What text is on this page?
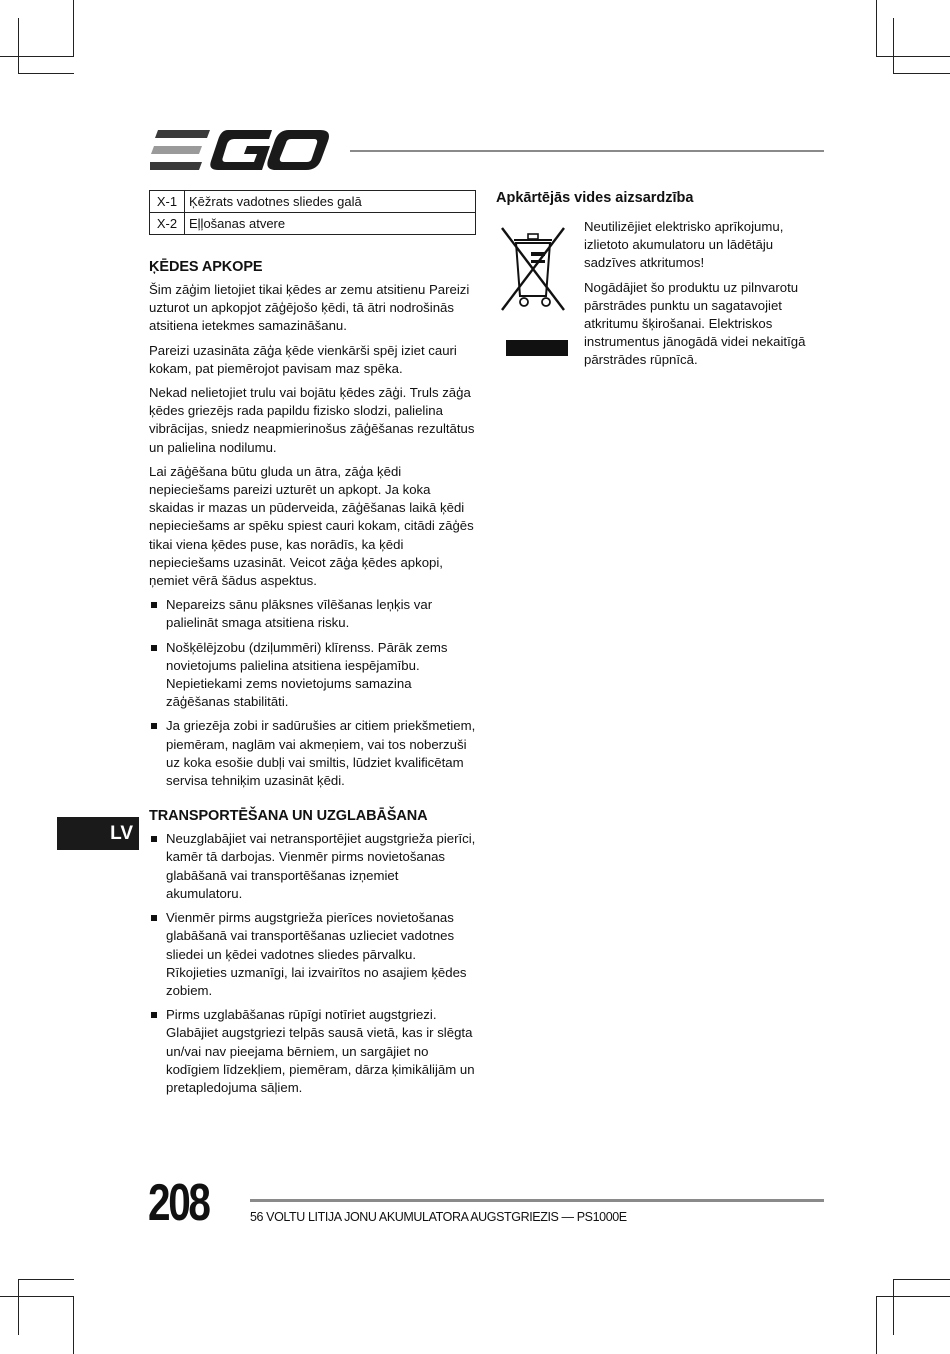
X-1	Ķēžrats vadotnes sliedes galā
X-2	Eļļošanas atvere
ĶĒDES APKOPE

Šim zāģim lietojiet tikai ķēdes ar zemu atsitienu Pareizi uzturot un apkopjot zāģējošo ķēdi, tā ātri nodrošinās atsitiena ietekmes samazināšanu.

Pareizi uzasināta zāģa ķēde vienkārši spēj iziet cauri kokam, pat piemērojot pavisam maz spēka.

Nekad nelietojiet trulu vai bojātu ķēdes zāģi. Truls zāģa ķēdes griezējs rada papildu fizisko slodzi, palielina vibrācijas, sniedz neapmierinošus zāģēšanas rezultātus un palielina nodilumu.

Lai zāģēšana būtu gluda un ātra, zāģa ķēdi nepieciešams pareizi uzturēt un apkopt. Ja koka skaidas ir mazas un pūderveida, zāģēšanas laikā ķēdi nepieciešams ar spēku spiest cauri kokam, citādi zāģēs tikai viena ķēdes puse, kas norādīs, ka ķēdi nepieciešams uzasināt. Veicot zāģa ķēdes apkopi, ņemiet vērā šādus aspektus.

Nepareizs sānu plāksnes vīlēšanas leņķis var palielināt smaga atsitiena risku.
Nošķēlējzobu (dziļummēri) klīrenss. Pārāk zems novietojums palielina atsitiena iespējamību. Nepietiekami zems novietojums samazina zāģēšanas stabilitāti.
Ja griezēja zobi ir sadūrušies ar citiem priekšmetiem, piemēram, naglām vai akmeņiem, vai tos noberzuši uz koka esošie dubļi vai smiltis, lūdziet kvalificētam servisa tehniķim uzasināt ķēdi.
TRANSPORTĒŠANA UN UZGLABĀŠANA
Neuzglabājiet vai netransportējiet augstgrieža pierīci, kamēr tā darbojas. Vienmēr pirms novietošanas glabāšanā vai transportēšanas izņemiet akumulatoru.
Vienmēr pirms augstgrieža pierīces novietošanas glabāšanā vai transportēšanas uzlieciet vadotnes sliedei un ķēdei vadotnes sliedes pārvalku. Rīkojieties uzmanīgi, lai izvairītos no asajiem ķēdes zobiem.
Pirms uzglabāšanas rūpīgi notīriet augstgriezi. Glabājiet augstgriezi telpās sausā vietā, kas ir slēgta un/vai nav pieejama bērniem, un sargājiet no kodīgiem līdzekļiem, piemēram, dārza ķimikālijām un pretapledojuma sāļiem.
Apkārtējās vides aizsardzība

Neutilizējiet elektrisko aprīkojumu, izlietoto akumulatoru un lādētāju sadzīves atkritumos!

Nogādājiet šo produktu uz pilnvarotu pārstrādes punktu un sagatavojiet atkritumu šķirošanai. Elektriskos instrumentus jānogādā videi nekaitīgā pārstrādes rūpnīcā.

LV
208	56 VOLTU LITIJA JONU AKUMULATORA AUGSTGRIEZIS — PS1000E
